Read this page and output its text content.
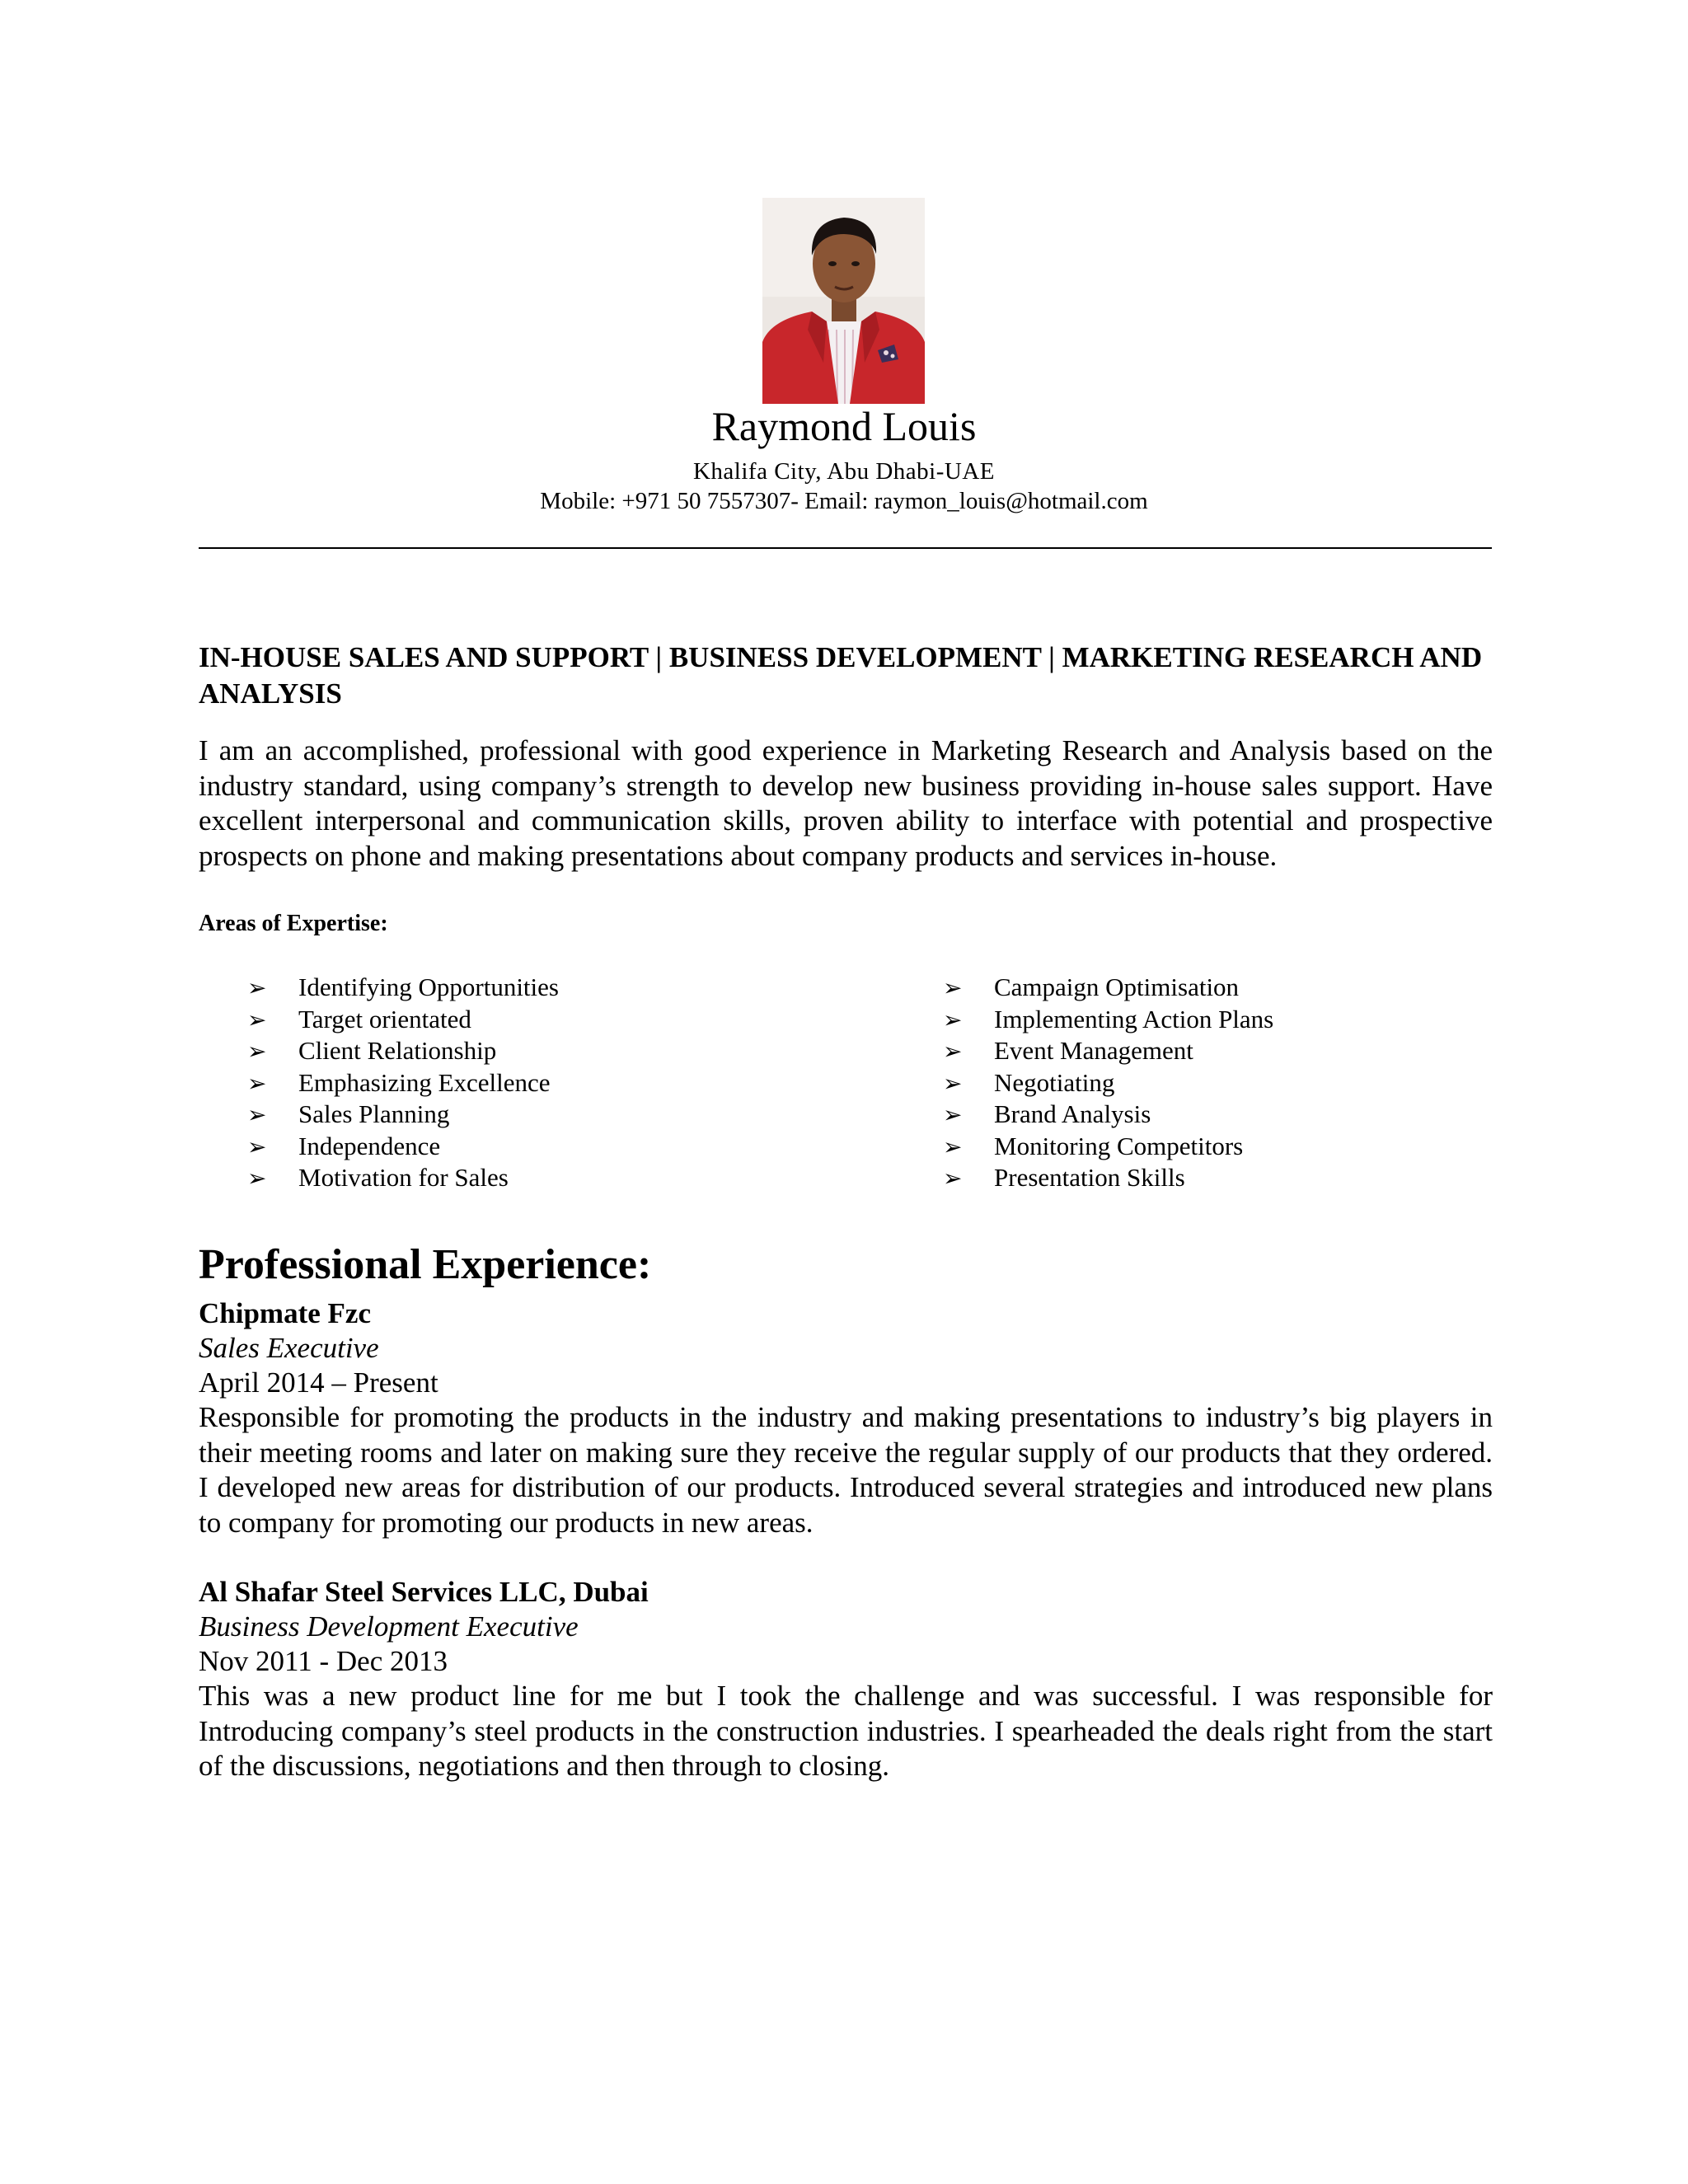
Raymond Louis
Khalifa City, Abu Dhabi-UAE
Mobile: +971 50 7557307- Email: raymon_louis@hotmail.com
IN-HOUSE SALES AND SUPPORT | BUSINESS DEVELOPMENT | MARKETING RESEARCH AND ANALYSIS
I am an accomplished, professional with good experience in Marketing Research and Analysis based on the industry standard, using company’s strength to develop new business providing in-house sales support. Have excellent interpersonal and communication skills, proven ability to interface with potential and prospective prospects on phone and making presentations about company products and services in-house.
Areas of Expertise:
➢ Identifying Opportunities
➢ Target orientated
➢ Client Relationship
➢ Emphasizing Excellence
➢ Sales Planning
➢ Independence
➢ Motivation for Sales
➢ Campaign Optimisation
➢ Implementing Action Plans
➢ Event Management
➢ Negotiating
➢ Brand Analysis
➢ Monitoring Competitors
➢ Presentation Skills
Professional Experience:
Chipmate Fzc
Sales Executive
April 2014 – Present
Responsible for promoting the products in the industry and making presentations to industry’s big players in their meeting rooms and later on making sure they receive the regular supply of our products that they ordered. I developed new areas for distribution of our products. Introduced several strategies and introduced new plans to company for promoting our products in new areas.
Al Shafar Steel Services LLC, Dubai
Business Development Executive
Nov 2011 - Dec 2013
This was a new product line for me but I took the challenge and was successful. I was responsible for Introducing company’s steel products in the construction industries. I spearheaded the deals right from the start of the discussions, negotiations and then through to closing.
